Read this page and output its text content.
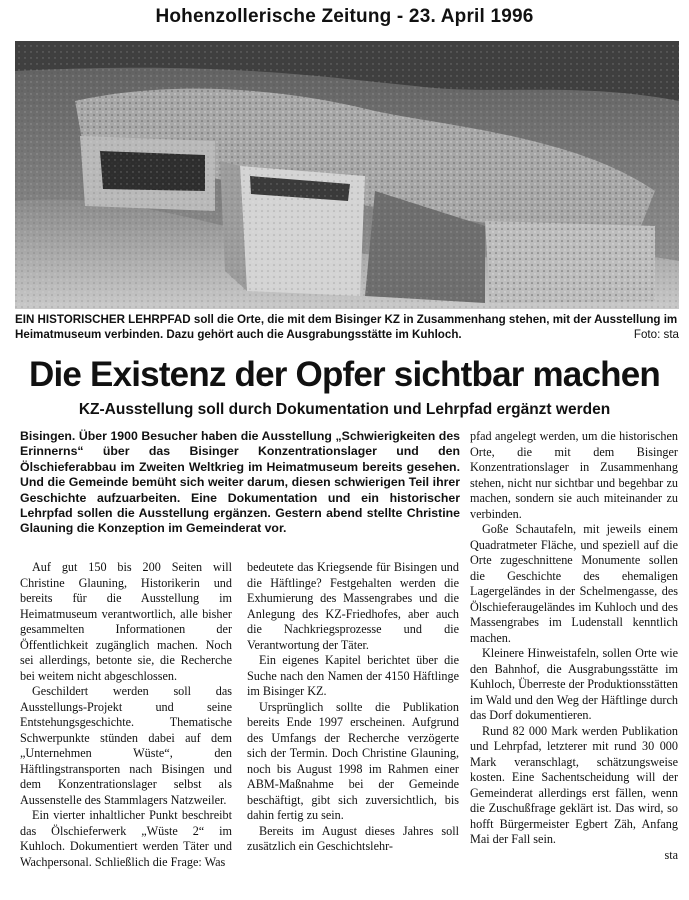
Hohenzollerische Zeitung - 23. April 1996
EIN HISTORISCHER LEHRPFAD soll die Orte, die mit dem Bisinger KZ in Zusammenhang stehen, mit der Ausstellung im Heimatmuseum verbinden. Dazu gehört auch die Ausgrabungsstätte im Kuhloch.	Foto: sta
Die Existenz der Opfer sichtbar machen
KZ-Ausstellung soll durch Dokumentation und Lehrpfad ergänzt werden
Bisingen. Über 1900 Besucher haben die Ausstellung „Schwierigkeiten des Erinnerns“ über das Bisinger Konzentrationslager und den Ölschieferabbau im Zweiten Weltkrieg im Heimatmuseum bereits gesehen. Und die Gemeinde bemüht sich weiter darum, diesen schwierigen Teil ihrer Geschichte aufzuarbeiten. Eine Dokumentation und ein historischer Lehrpfad sollen die Ausstellung ergänzen. Gestern abend stellte Christine Glauning die Konzeption im Gemeinderat vor.

Auf gut 150 bis 200 Seiten will Christine Glauning, Historikerin und bereits für die Ausstellung im Heimatmuseum verantwortlich, alle bisher gesammelten Informationen der Öffentlichkeit zugänglich machen. Noch sei allerdings, betonte sie, die Recherche bei weitem nicht abgeschlossen.

Geschildert werden soll das Ausstellungs-Projekt und seine Entstehungsgeschichte. Thematische Schwerpunkte stünden dabei auf dem „Unternehmen Wüste“, den Häftlingstransporten nach Bisingen und dem Konzentrationslager selbst als Aussenstelle des Stammlagers Natzweiler.

Ein vierter inhaltlicher Punkt beschreibt das Ölschieferwerk „Wüste 2“ im Kuhloch. Dokumentiert werden Täter und Wachpersonal. Schließlich die Frage: Was

bedeutete das Kriegsende für Bisingen und die Häftlinge? Festgehalten werden die Exhumierung des Massengrabes und die Anlegung des KZ-Friedhofes, aber auch die Nachkriegsprozesse und die Verantwortung der Täter.

Ein eigenes Kapitel berichtet über die Suche nach den Namen der 4150 Häftlinge im Bisinger KZ.

Ursprünglich sollte die Publikation bereits Ende 1997 erscheinen. Aufgrund des Umfangs der Recherche verzögerte sich der Termin. Doch Christine Glauning, noch bis August 1998 im Rahmen einer ABM-Maßnahme bei der Gemeinde beschäftigt, gibt sich zuversichtlich, bis dahin fertig zu sein.

Bereits im August dieses Jahres soll zusätzlich ein Geschichtslehr-

pfad angelegt werden, um die historischen Orte, die mit dem Bisinger Konzentrationslager in Zusammenhang stehen, nicht nur sichtbar und begehbar zu machen, sondern sie auch miteinander zu verbinden.

Goße Schautafeln, mit jeweils einem Quadratmeter Fläche, und speziell auf die Orte zugeschnittene Monumente sollen die Geschichte des ehemaligen Lagergeländes in der Schelmengasse, des Ölschieferaugeländes im Kuhloch und des Massengrabes im Ludenstall kenntlich machen.

Kleinere Hinweistafeln, sollen Orte wie den Bahnhof, die Ausgrabungsstätte im Kuhloch, Überreste der Produktionsstätten im Wald und den Weg der Häftlinge durch das Dorf dokumentieren.

Rund 82 000 Mark werden Publikation und Lehrpfad, letzterer mit rund 30 000 Mark veranschlagt, schätzungsweise kosten. Eine Sachentscheidung will der Gemeinderat allerdings erst fällen, wenn die Zuschußfrage geklärt ist. Das wird, so hofft Bürgermeister Egbert Zäh, Anfang Mai der Fall sein.

sta
